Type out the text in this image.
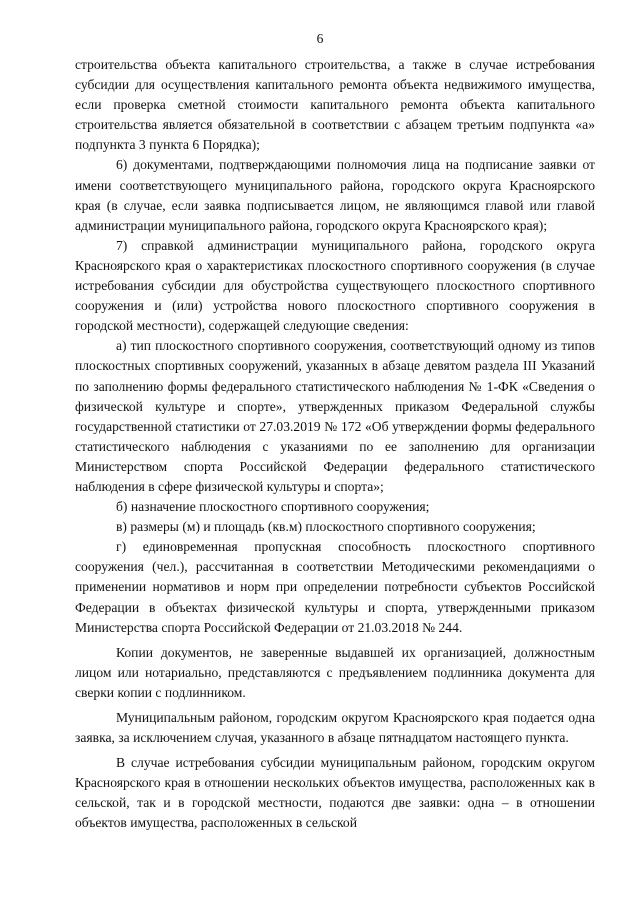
6

строительства объекта капитального строительства, а также в случае истребования субсидии для осуществления капитального ремонта объекта недвижимого имущества, если проверка сметной стоимости капитального ремонта объекта капитального строительства является обязательной в соответствии с абзацем третьим подпункта «а» подпункта 3 пункта 6 Порядка);

6) документами, подтверждающими полномочия лица на подписание заявки от имени соответствующего муниципального района, городского округа Красноярского края (в случае, если заявка подписывается лицом, не являющимся главой или главой администрации муниципального района, городского округа Красноярского края);

7) справкой администрации муниципального района, городского округа Красноярского края о характеристиках плоскостного спортивного сооружения (в случае истребования субсидии для обустройства существующего плоскостного спортивного сооружения и (или) устройства нового плоскостного спортивного сооружения в городской местности), содержащей следующие сведения:

а) тип плоскостного спортивного сооружения, соответствующий одному из типов плоскостных спортивных сооружений, указанных в абзаце девятом раздела III Указаний по заполнению формы федерального статистического наблюдения № 1-ФК «Сведения о физической культуре и спорте», утвержденных приказом Федеральной службы государственной статистики от 27.03.2019 № 172 «Об утверждении формы федерального статистического наблюдения с указаниями по ее заполнению для организации Министерством спорта Российской Федерации федерального статистического наблюдения в сфере физической культуры и спорта»;

б) назначение плоскостного спортивного сооружения;

в) размеры (м) и площадь (кв.м) плоскостного спортивного сооружения;

г) единовременная пропускная способность плоскостного спортивного сооружения (чел.), рассчитанная в соответствии Методическими рекомендациями о применении нормативов и норм при определении потребности субъектов Российской Федерации в объектах физической культуры и спорта, утвержденными приказом Министерства спорта Российской Федерации от 21.03.2018 № 244.

Копии документов, не заверенные выдавшей их организацией, должностным лицом или нотариально, представляются с предъявлением подлинника документа для сверки копии с подлинником.

Муниципальным районом, городским округом Красноярского края подается одна заявка, за исключением случая, указанного в абзаце пятнадцатом настоящего пункта.

В случае истребования субсидии муниципальным районом, городским округом Красноярского края в отношении нескольких объектов имущества, расположенных как в сельской, так и в городской местности, подаются две заявки: одна – в отношении объектов имущества, расположенных в сельской
